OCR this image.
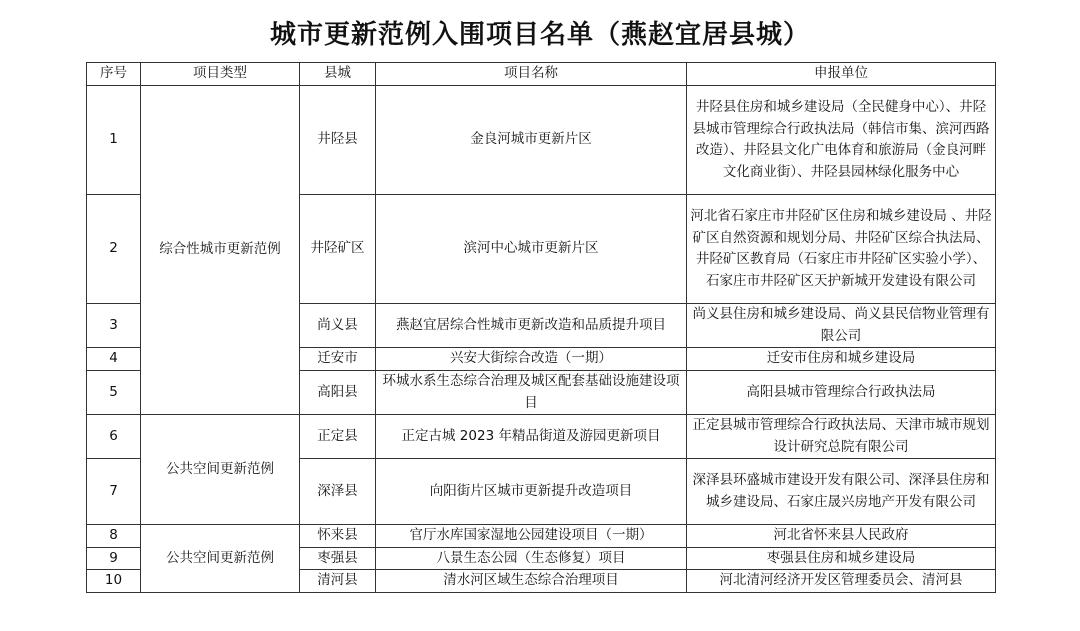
城市更新范例入围项目名单（燕赵宜居县城）
序号	项目类型	县城	项目名称	申报单位
1	综合性城市更新范例	井陉县	金良河城市更新片区	井陉县住房和城乡建设局（全民健身中心）、井陉县城市管理综合行政执法局（韩信市集、滨河西路改造）、井陉县文化广电体育和旅游局（金良河畔文化商业街）、井陉县园林绿化服务中心
2		井陉矿区	滨河中心城市更新片区	河北省石家庄市井陉矿区住房和城乡建设局 、井陉矿区自然资源和规划分局、井陉矿区综合执法局、井陉矿区教育局（石家庄市井陉矿区实验小学）、石家庄市井陉矿区天护新城开发建设有限公司
3		尚义县	燕赵宜居综合性城市更新改造和品质提升项目	尚义县住房和城乡建设局、尚义县民信物业管理有限公司
4		迁安市	兴安大街综合改造（一期）	迁安市住房和城乡建设局
5		高阳县	环城水系生态综合治理及城区配套基础设施建设项目	高阳县城市管理综合行政执法局
6	公共空间更新范例	正定县	正定古城 2023 年精品街道及游园更新项目	正定县城市管理综合行政执法局、天津市城市规划设计研究总院有限公司
7		深泽县	向阳街片区城市更新提升改造项目	深泽县环盛城市建设开发有限公司、深泽县住房和城乡建设局、石家庄晟兴房地产开发有限公司
8	公共空间更新范例	怀来县	官厅水库国家湿地公园建设项目（一期）	河北省怀来县人民政府
9		枣强县	八景生态公园（生态修复）项目	枣强县住房和城乡建设局
10		清河县	清水河区域生态综合治理项目	河北清河经济开发区管理委员会、清河县
